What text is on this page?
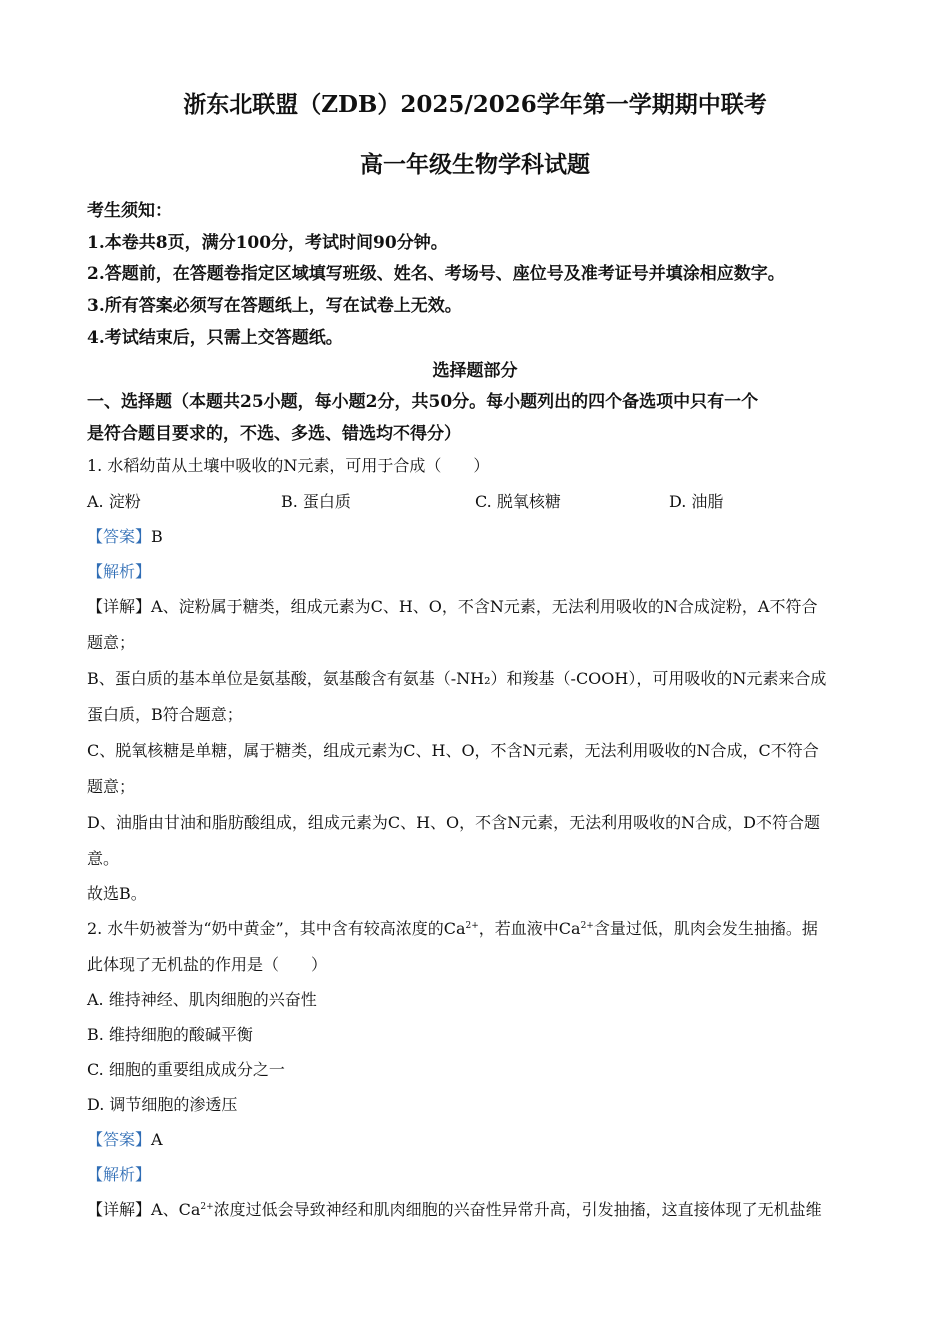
浙东北联盟（ZDB）2025/2026学年第一学期期中联考
高一年级生物学科试题
考生须知：
1.本卷共8页，满分100分，考试时间90分钟。
2.答题前，在答题卷指定区域填写班级、姓名、考场号、座位号及准考证号并填涂相应数字。
3.所有答案必须写在答题纸上，写在试卷上无效。
4.考试结束后，只需上交答题纸。
选择题部分
一、选择题（本题共25小题，每小题2分，共50分。每小题列出的四个备选项中只有一个
是符合题目要求的，不选、多选、错选均不得分）
1. 水稻幼苗从土壤中吸收的N元素，可用于合成（　　）
A. 淀粉	B. 蛋白质	C. 脱氧核糖	D. 油脂
【答案】B
【解析】
【详解】A、淀粉属于糖类，组成元素为C、H、O，不含N元素，无法利用吸收的N合成淀粉，A不符合
题意；
B、蛋白质的基本单位是氨基酸，氨基酸含有氨基（-NH₂）和羧基（-COOH），可用吸收的N元素来合成
蛋白质，B符合题意；
C、脱氧核糖是单糖，属于糖类，组成元素为C、H、O，不含N元素，无法利用吸收的N合成，C不符合
题意；
D、油脂由甘油和脂肪酸组成，组成元素为C、H、O，不含N元素，无法利用吸收的N合成，D不符合题
意。
故选B。
2. 水牛奶被誉为“奶中黄金”，其中含有较高浓度的$Ca^{2+}$，若血液中$Ca^{2+}$含量过低，肌肉会发生抽搐。据
此体现了无机盐的作用是（　　）
A. 维持神经、肌肉细胞的兴奋性
B. 维持细胞的酸碱平衡
C. 细胞的重要组成成分之一
D. 调节细胞的渗透压
【答案】A
【解析】
【详解】A、$Ca^{2+}$浓度过低会导致神经和肌肉细胞的兴奋性异常升高，引发抽搐，这直接体现了无机盐维
